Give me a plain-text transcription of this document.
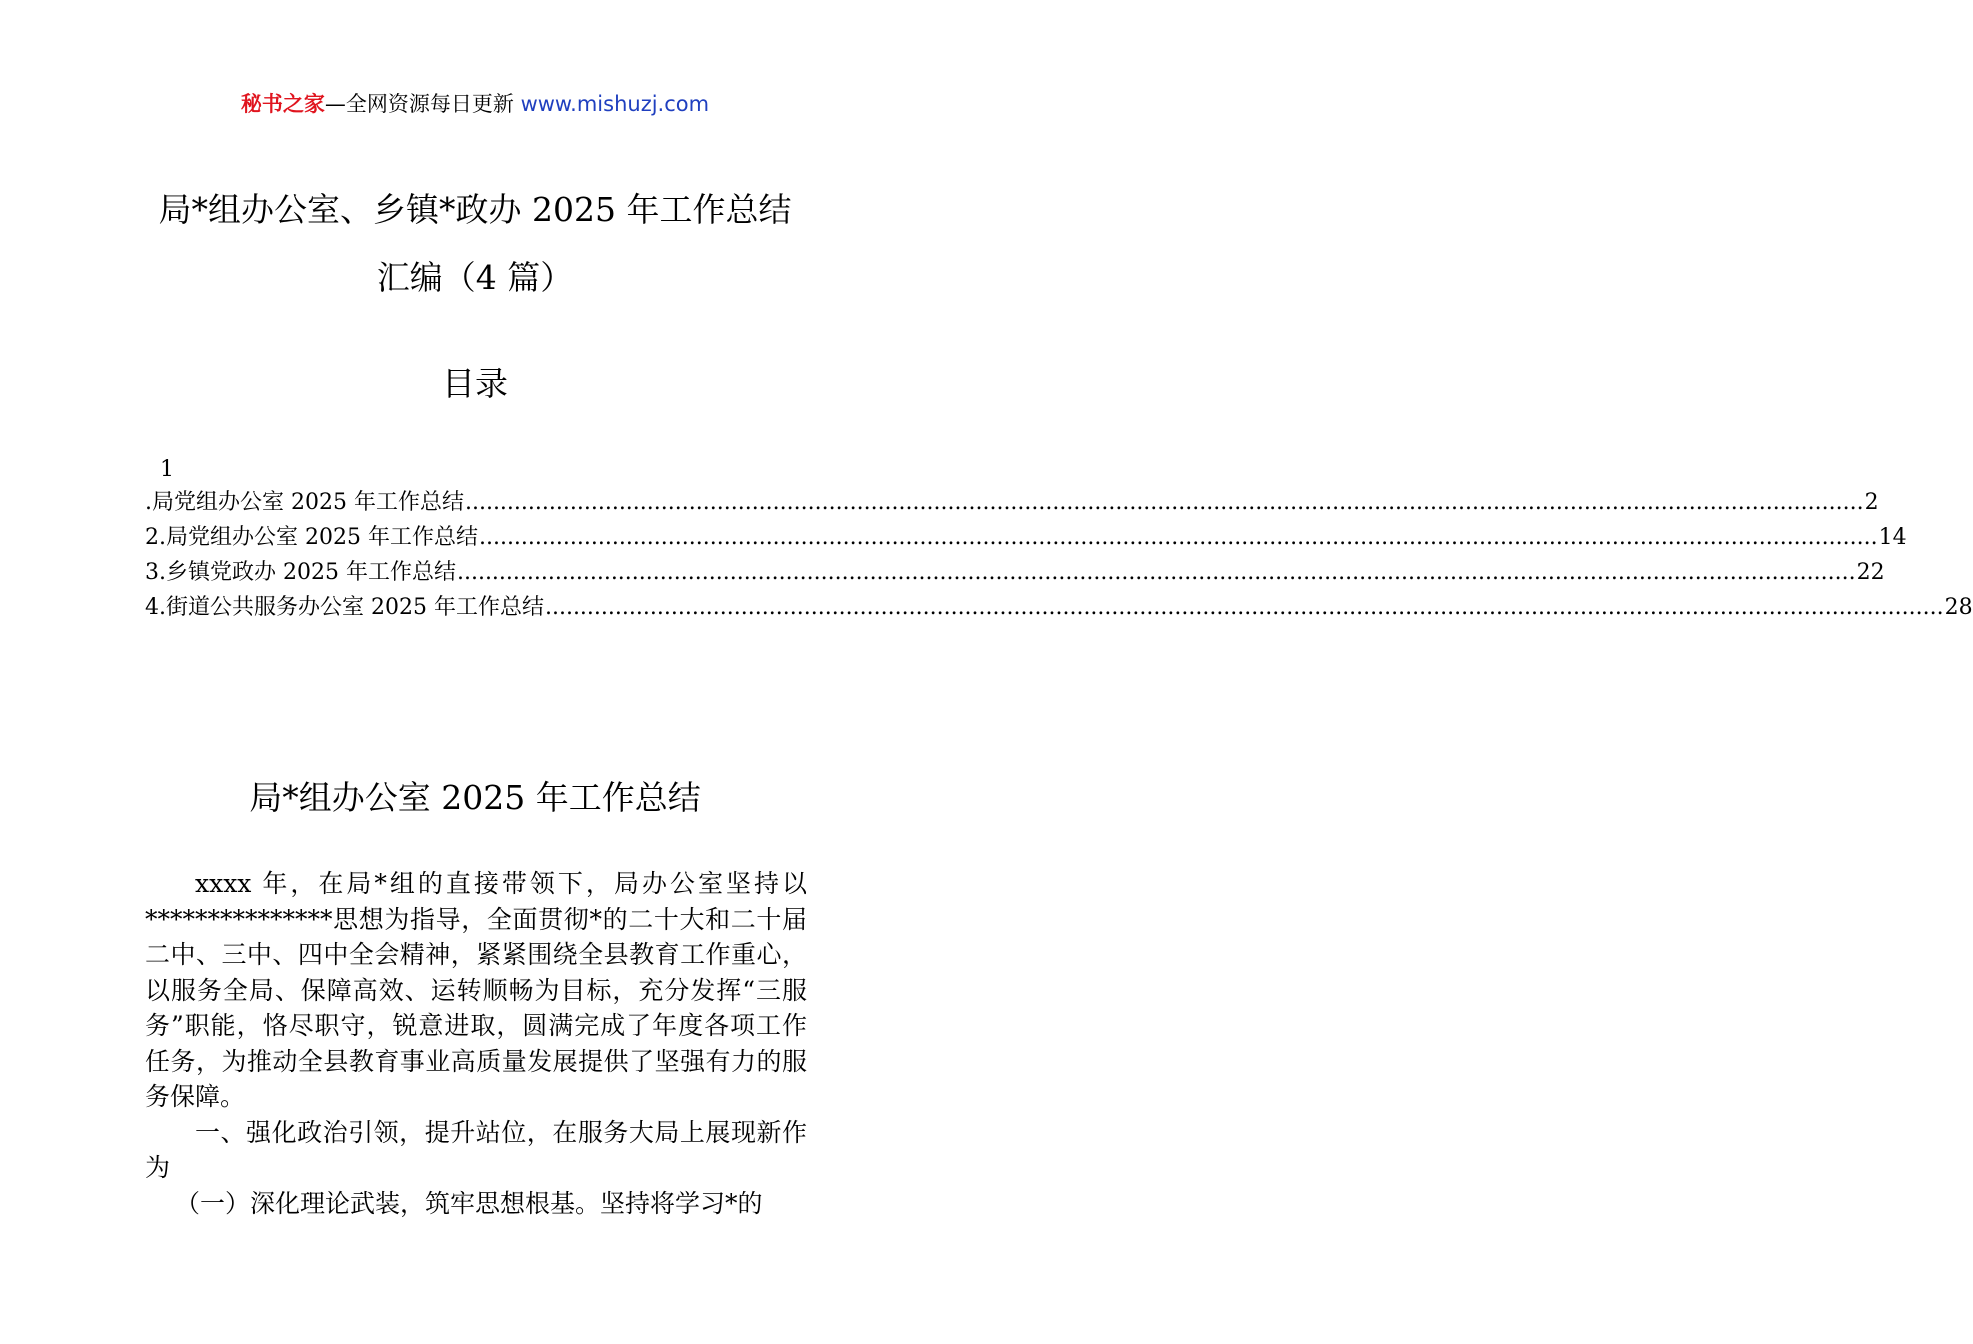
秘书之家—全网资源每日更新 www.mishuzj.com
局*组办公室、乡镇*政办 2025 年工作总结
汇编（4 篇）
目录
1
.局党组办公室 2025 年工作总结 ........................................................................................................................................................................................................ 2
2.局党组办公室 2025 年工作总结 ........................................................................................................................................................................................................ 14
3.乡镇党政办 2025 年工作总结 ........................................................................................................................................................................................................ 22
4.街道公共服务办公室 2025 年工作总结 ........................................................................................................................................................................................................ 28
局*组办公室 2025 年工作总结

xxxx 年，在局*组的直接带领下，局办公室坚持以***************思想为指导，全面贯彻*的二十大和二十届二中、三中、四中全会精神，紧紧围绕全县教育工作重心，以服务全局、保障高效、运转顺畅为目标，充分发挥“三服务”职能，恪尽职守，锐意进取，圆满完成了年度各项工作任务，为推动全县教育事业高质量发展提供了坚强有力的服务保障。

一、强化政治引领，提升站位，在服务大局上展现新作为

（一）深化理论武装，筑牢思想根基。坚持将学习*的
